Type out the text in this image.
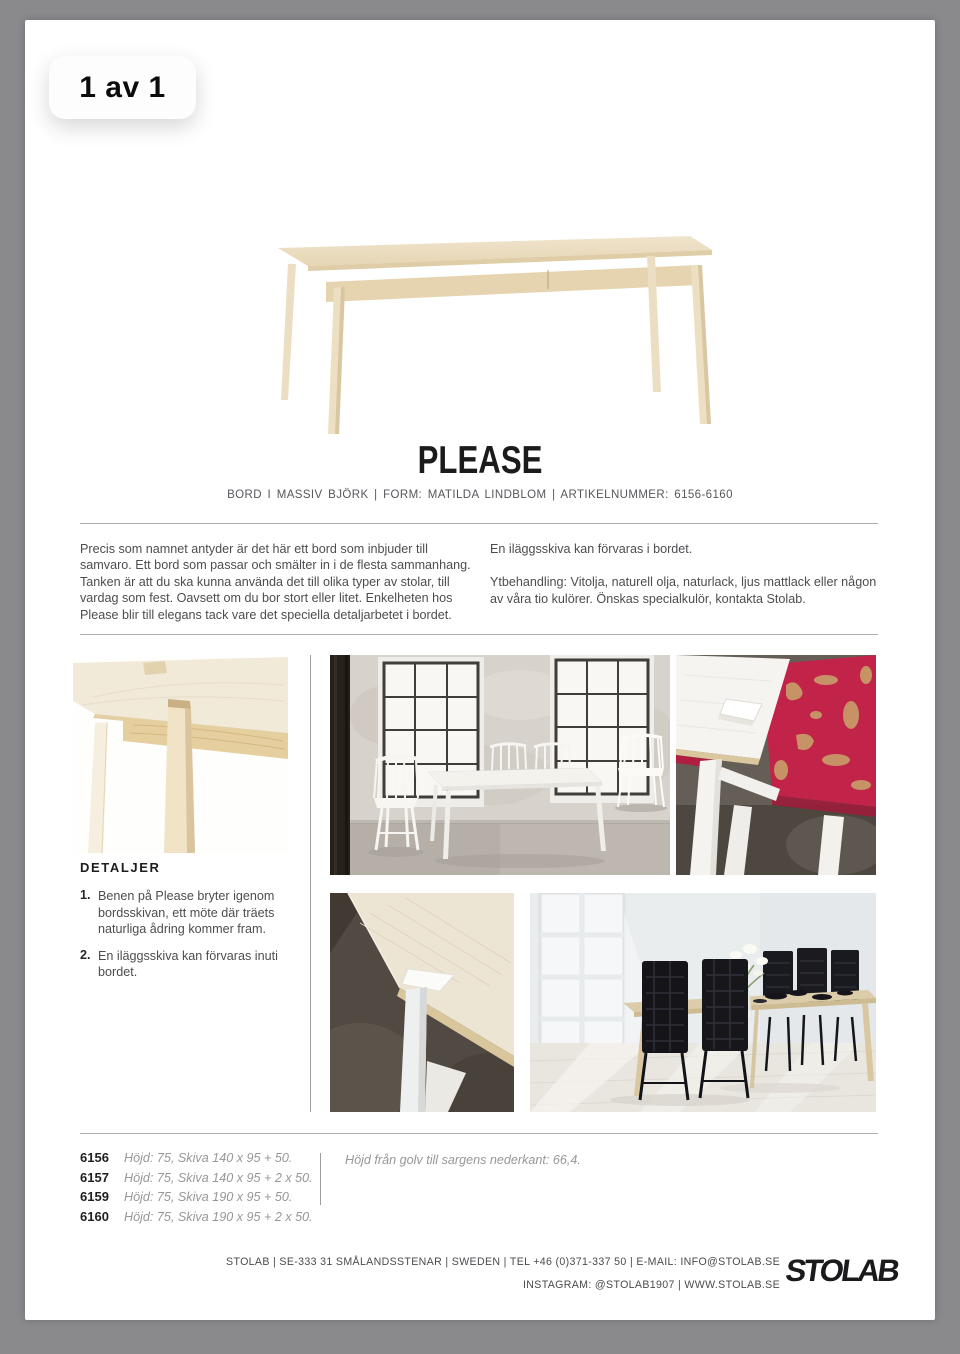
1 av 1
PLEASE
BORD I MASSIV BJÖRK | FORM: MATILDA LINDBLOM | ARTIKELNUMMER: 6156-6160

Precis som namnet antyder är det här ett bord som inbjuder till samvaro. Ett bord som passar och smälter in i de flesta sammanhang. Tanken är att du ska kunna använda det till olika typer av stolar, till vardag som fest. Oavsett om du bor stort eller litet. Enkelheten hos Please blir till elegans tack vare det speciella detaljarbetet i bordet.

En iläggsskiva kan förvaras i bordet.

Ytbehandling: Vitolja, naturell olja, naturlack, ljus mattlack eller någon av våra tio kulörer. Önskas specialkulör, kontakta Stolab.

DETALJER
1. Benen på Please bryter igenom bordsskivan, ett möte där träets naturliga ådring kommer fram.
2. En iläggsskiva kan förvaras inuti bordet.
6156	Höjd: 75, Skiva 140 x 95 + 50.
6157	Höjd: 75, Skiva 140 x 95 + 2 x 50.
6159	Höjd: 75, Skiva 190 x 95 + 50.
6160	Höjd: 75, Skiva 190 x 95 + 2 x 50.
Höjd från golv till sargens nederkant: 66,4.
STOLAB | SE-333 31 SMÅLANDSSTENAR | SWEDEN | TEL +46 (0)371-337 50 | E-MAIL: INFO@STOLAB.SE
INSTAGRAM: @STOLAB1907 | WWW.STOLAB.SE STOLAB
